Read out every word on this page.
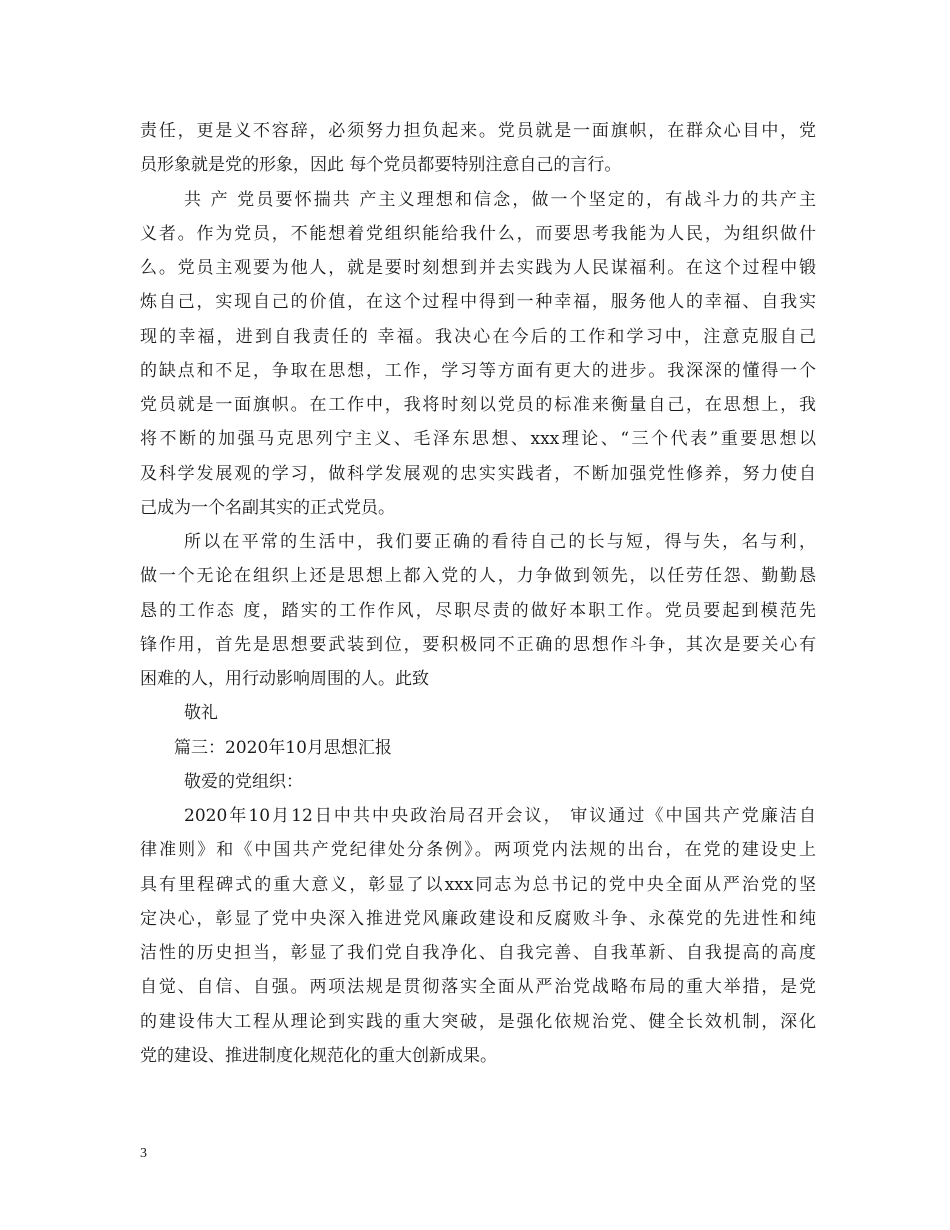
责任，更是义不容辞，必须努力担负起来。党员就是一面旗帜，在群众心目中，党
员形象就是党的形象，因此 每个党员都要特别注意自己的言行。
共 产 党员要怀揣共 产主义理想和信念，做一个坚定的，有战斗力的共产主
义者。作为党员，不能想着党组织能给我什么，而要思考我能为人民，为组织做什
么。党员主观要为他人，就是要时刻想到并去实践为人民谋福利。在这个过程中锻
炼自己，实现自己的价值，在这个过程中得到一种幸福，服务他人的幸福、自我实
现的幸福，进到自我责任的 幸福。我决心在今后的工作和学习中，注意克服自己
的缺点和不足，争取在思想，工作，学习等方面有更大的进步。我深深的懂得一个
党员就是一面旗帜。在工作中，我将时刻以党员的标准来衡量自己，在思想上，我
将不断的加强马克思列宁主义、毛泽东思想、xxx理论、“三个代表”重要思想以
及科学发展观的学习，做科学发展观的忠实实践者，不断加强党性修养，努力使自
己成为一个名副其实的正式党员。
所以在平常的生活中，我们要正确的看待自己的长与短，得与失，名与利，
做一个无论在组织上还是思想上都入党的人，力争做到领先，以任劳任怨、勤勤恳
恳的工作态 度，踏实的工作作风，尽职尽责的做好本职工作。党员要起到模范先
锋作用，首先是思想要武装到位，要积极同不正确的思想作斗争，其次是要关心有
困难的人，用行动影响周围的人。此致
敬礼
篇三：2020年10月思想汇报
敬爱的党组织：
2020年10月12日中共中央政治局召开会议， 审议通过《中国共产党廉洁自
律准则》和《中国共产党纪律处分条例》。两项党内法规的出台，在党的建设史上
具有里程碑式的重大意义，彰显了以xxx同志为总书记的党中央全面从严治党的坚
定决心，彰显了党中央深入推进党风廉政建设和反腐败斗争、永葆党的先进性和纯
洁性的历史担当，彰显了我们党自我净化、自我完善、自我革新、自我提高的高度
自觉、自信、自强。两项法规是贯彻落实全面从严治党战略布局的重大举措，是党
的建设伟大工程从理论到实践的重大突破，是强化依规治党、健全长效机制，深化
党的建设、推进制度化规范化的重大创新成果。
3
